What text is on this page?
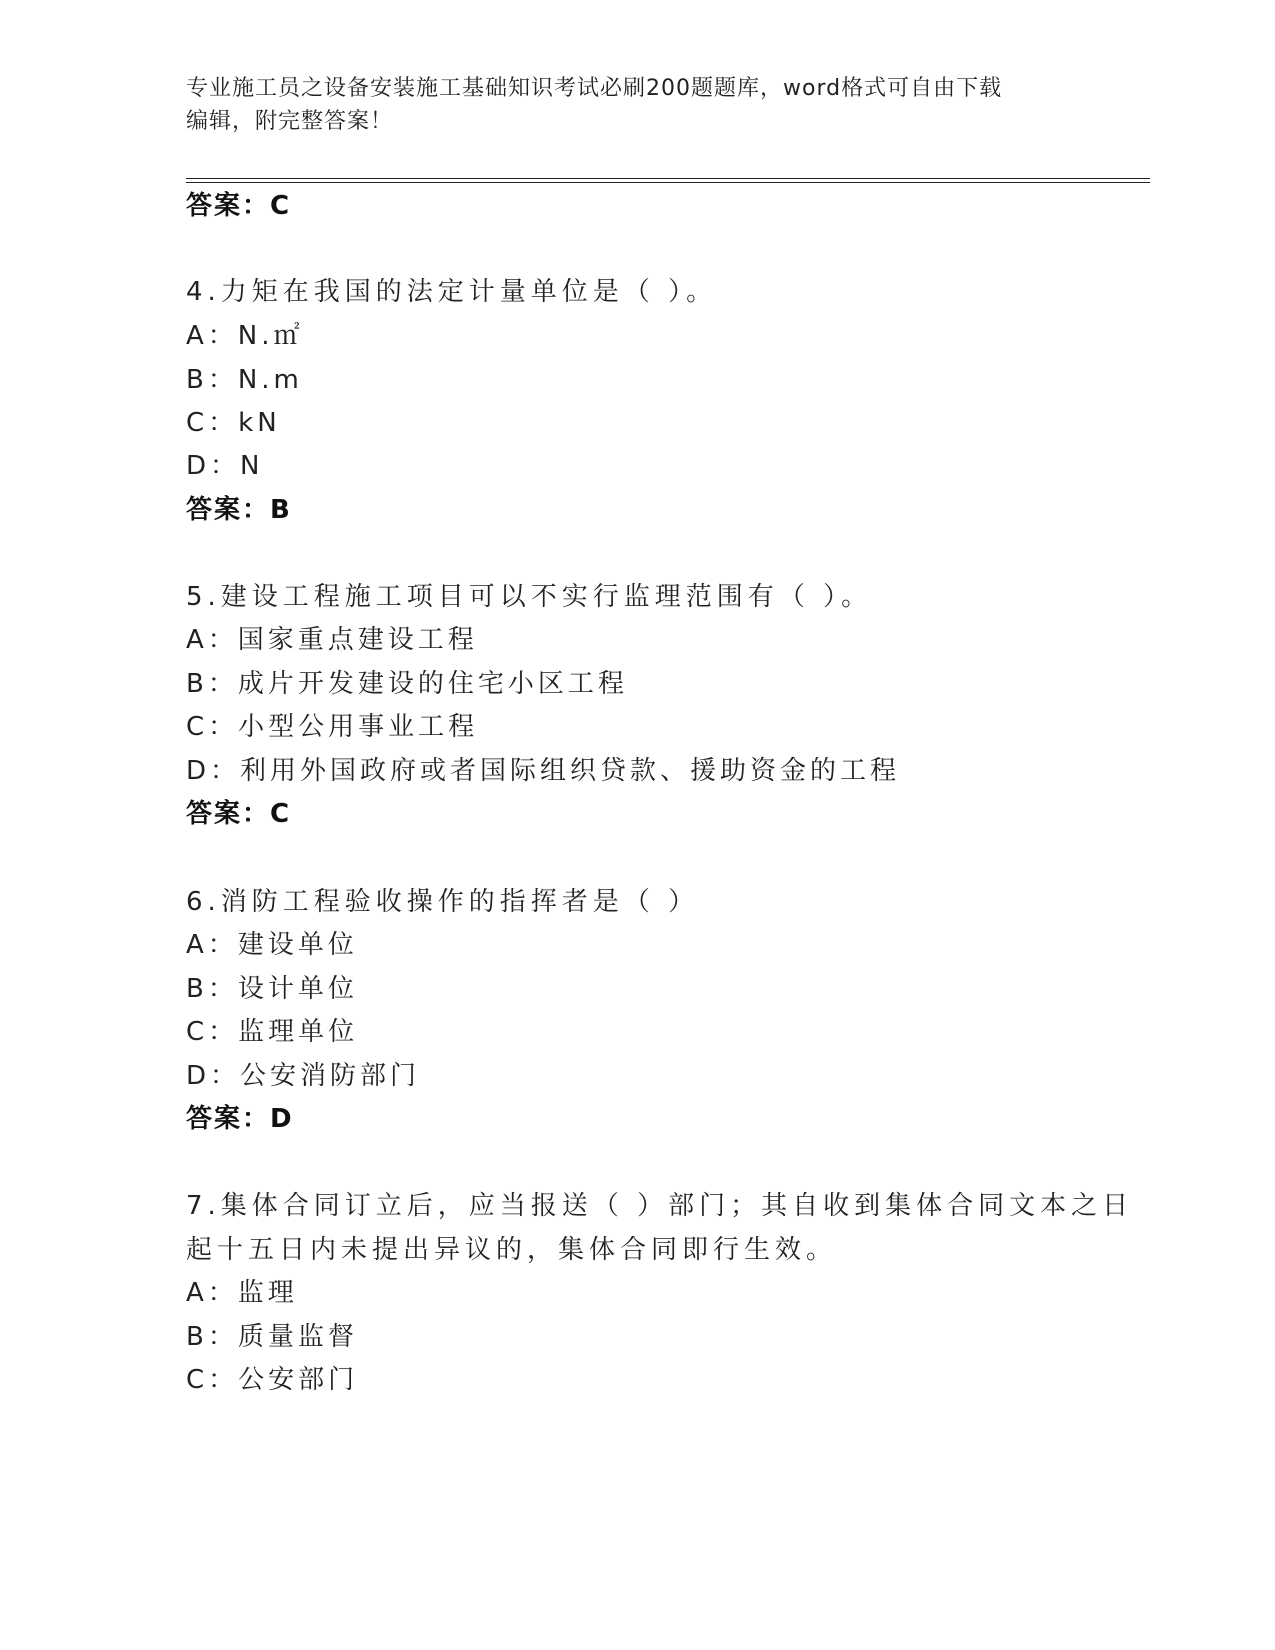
专业施工员之设备安装施工基础知识考试必刷200题题库，word格式可自由下载
编辑，附完整答案！
答案：C
4.力矩在我国的法定计量单位是（ ）。
A：N.㎡
B：N.m
C：kN
D：N
答案：B
5.建设工程施工项目可以不实行监理范围有（ ）。
A：国家重点建设工程
B：成片开发建设的住宅小区工程
C：小型公用事业工程
D：利用外国政府或者国际组织贷款、援助资金的工程
答案：C
6.消防工程验收操作的指挥者是（ ）
A：建设单位
B：设计单位
C：监理单位
D：公安消防部门
答案：D
7.集体合同订立后，应当报送（ ）部门；其自收到集体合同文本之日
起十五日内未提出异议的，集体合同即行生效。
A：监理
B：质量监督
C：公安部门
